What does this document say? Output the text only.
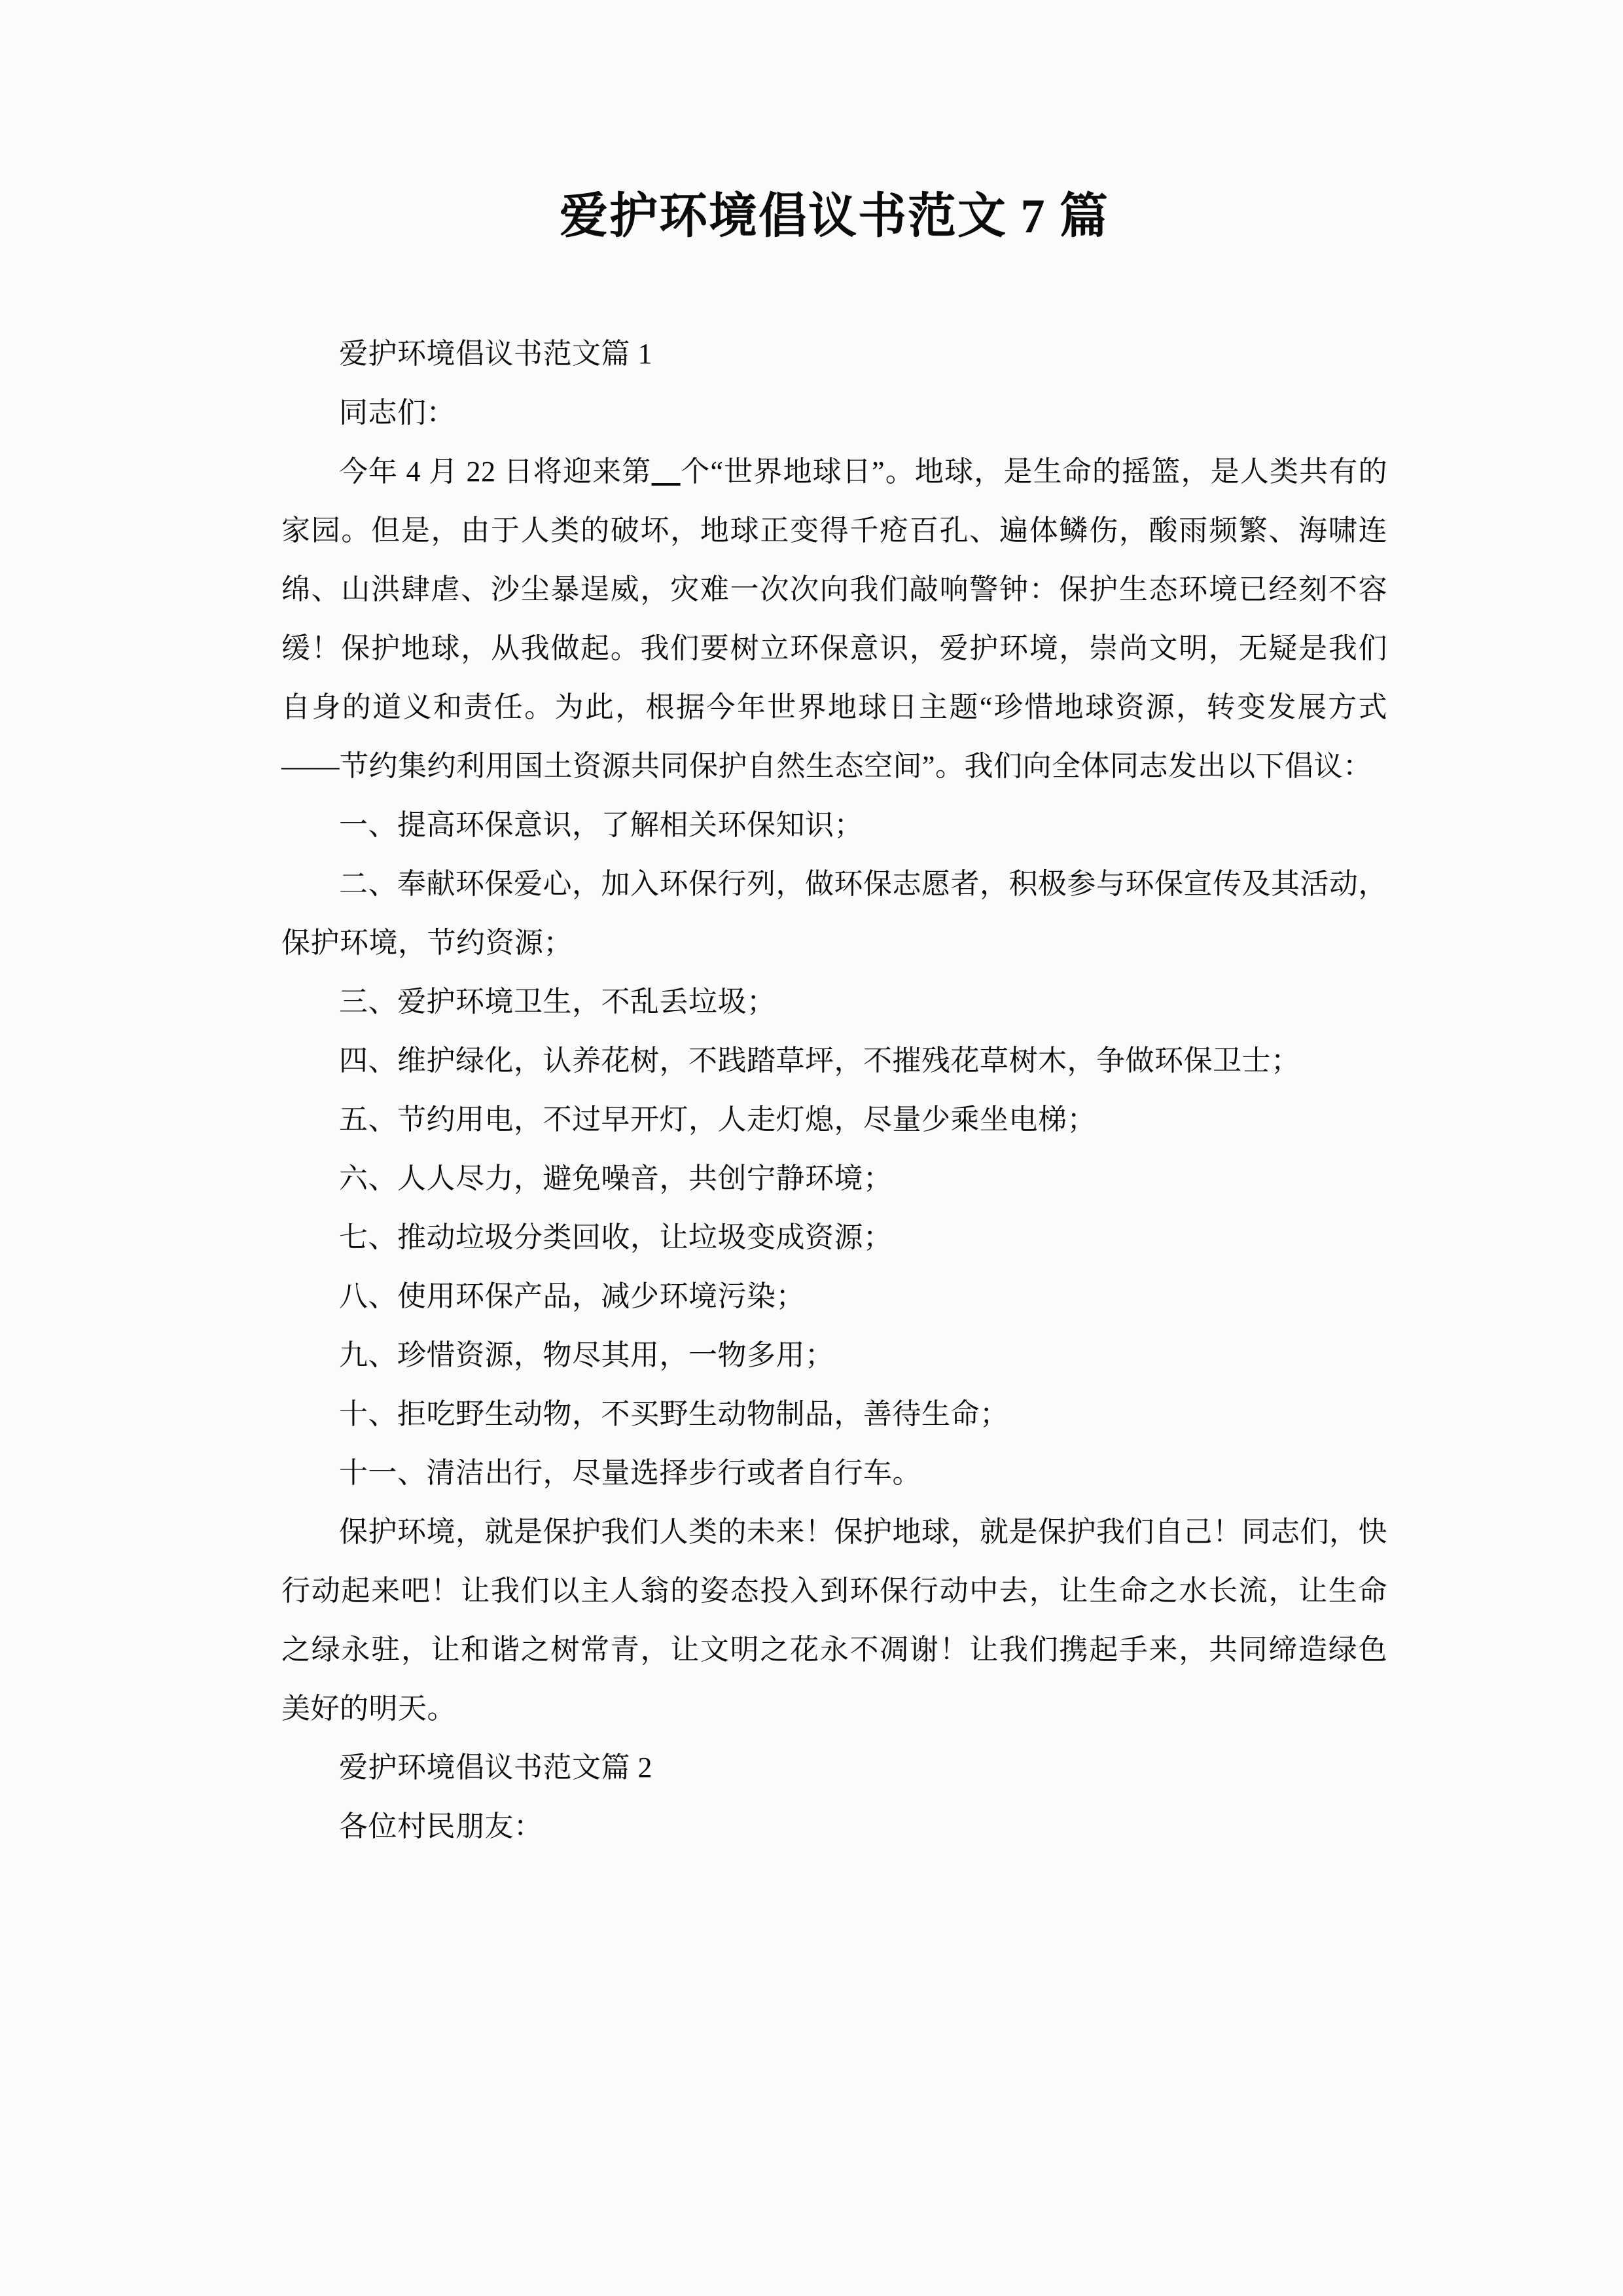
爱护环境倡议书范文 7 篇

爱护环境倡议书范文篇 1

同志们：

今年 4 月 22 日将迎来第   个“世界地球日”。地球，是生命的摇篮，是人类共有的家园。但是，由于人类的破坏，地球正变得千疮百孔、遍体鳞伤，酸雨频繁、海啸连绵、山洪肆虐、沙尘暴逞威，灾难一次次向我们敲响警钟：保护生态环境已经刻不容缓！保护地球，从我做起。我们要树立环保意识，爱护环境，崇尚文明，无疑是我们自身的道义和责任。为此，根据今年世界地球日主题“珍惜地球资源，转变发展方式——节约集约利用国土资源共同保护自然生态空间”。我们向全体同志发出以下倡议：

一、提高环保意识，了解相关环保知识；

二、奉献环保爱心，加入环保行列，做环保志愿者，积极参与环保宣传及其活动，保护环境，节约资源；

三、爱护环境卫生，不乱丢垃圾；

四、维护绿化，认养花树，不践踏草坪，不摧残花草树木，争做环保卫士；

五、节约用电，不过早开灯，人走灯熄，尽量少乘坐电梯；

六、人人尽力，避免噪音，共创宁静环境；

七、推动垃圾分类回收，让垃圾变成资源；

八、使用环保产品，减少环境污染；

九、珍惜资源，物尽其用，一物多用；

十、拒吃野生动物，不买野生动物制品，善待生命；

十一、清洁出行，尽量选择步行或者自行车。

保护环境，就是保护我们人类的未来！保护地球，就是保护我们自己！同志们，快行动起来吧！让我们以主人翁的姿态投入到环保行动中去，让生命之水长流，让生命之绿永驻，让和谐之树常青，让文明之花永不凋谢！让我们携起手来，共同缔造绿色美好的明天。

爱护环境倡议书范文篇 2

各位村民朋友：
